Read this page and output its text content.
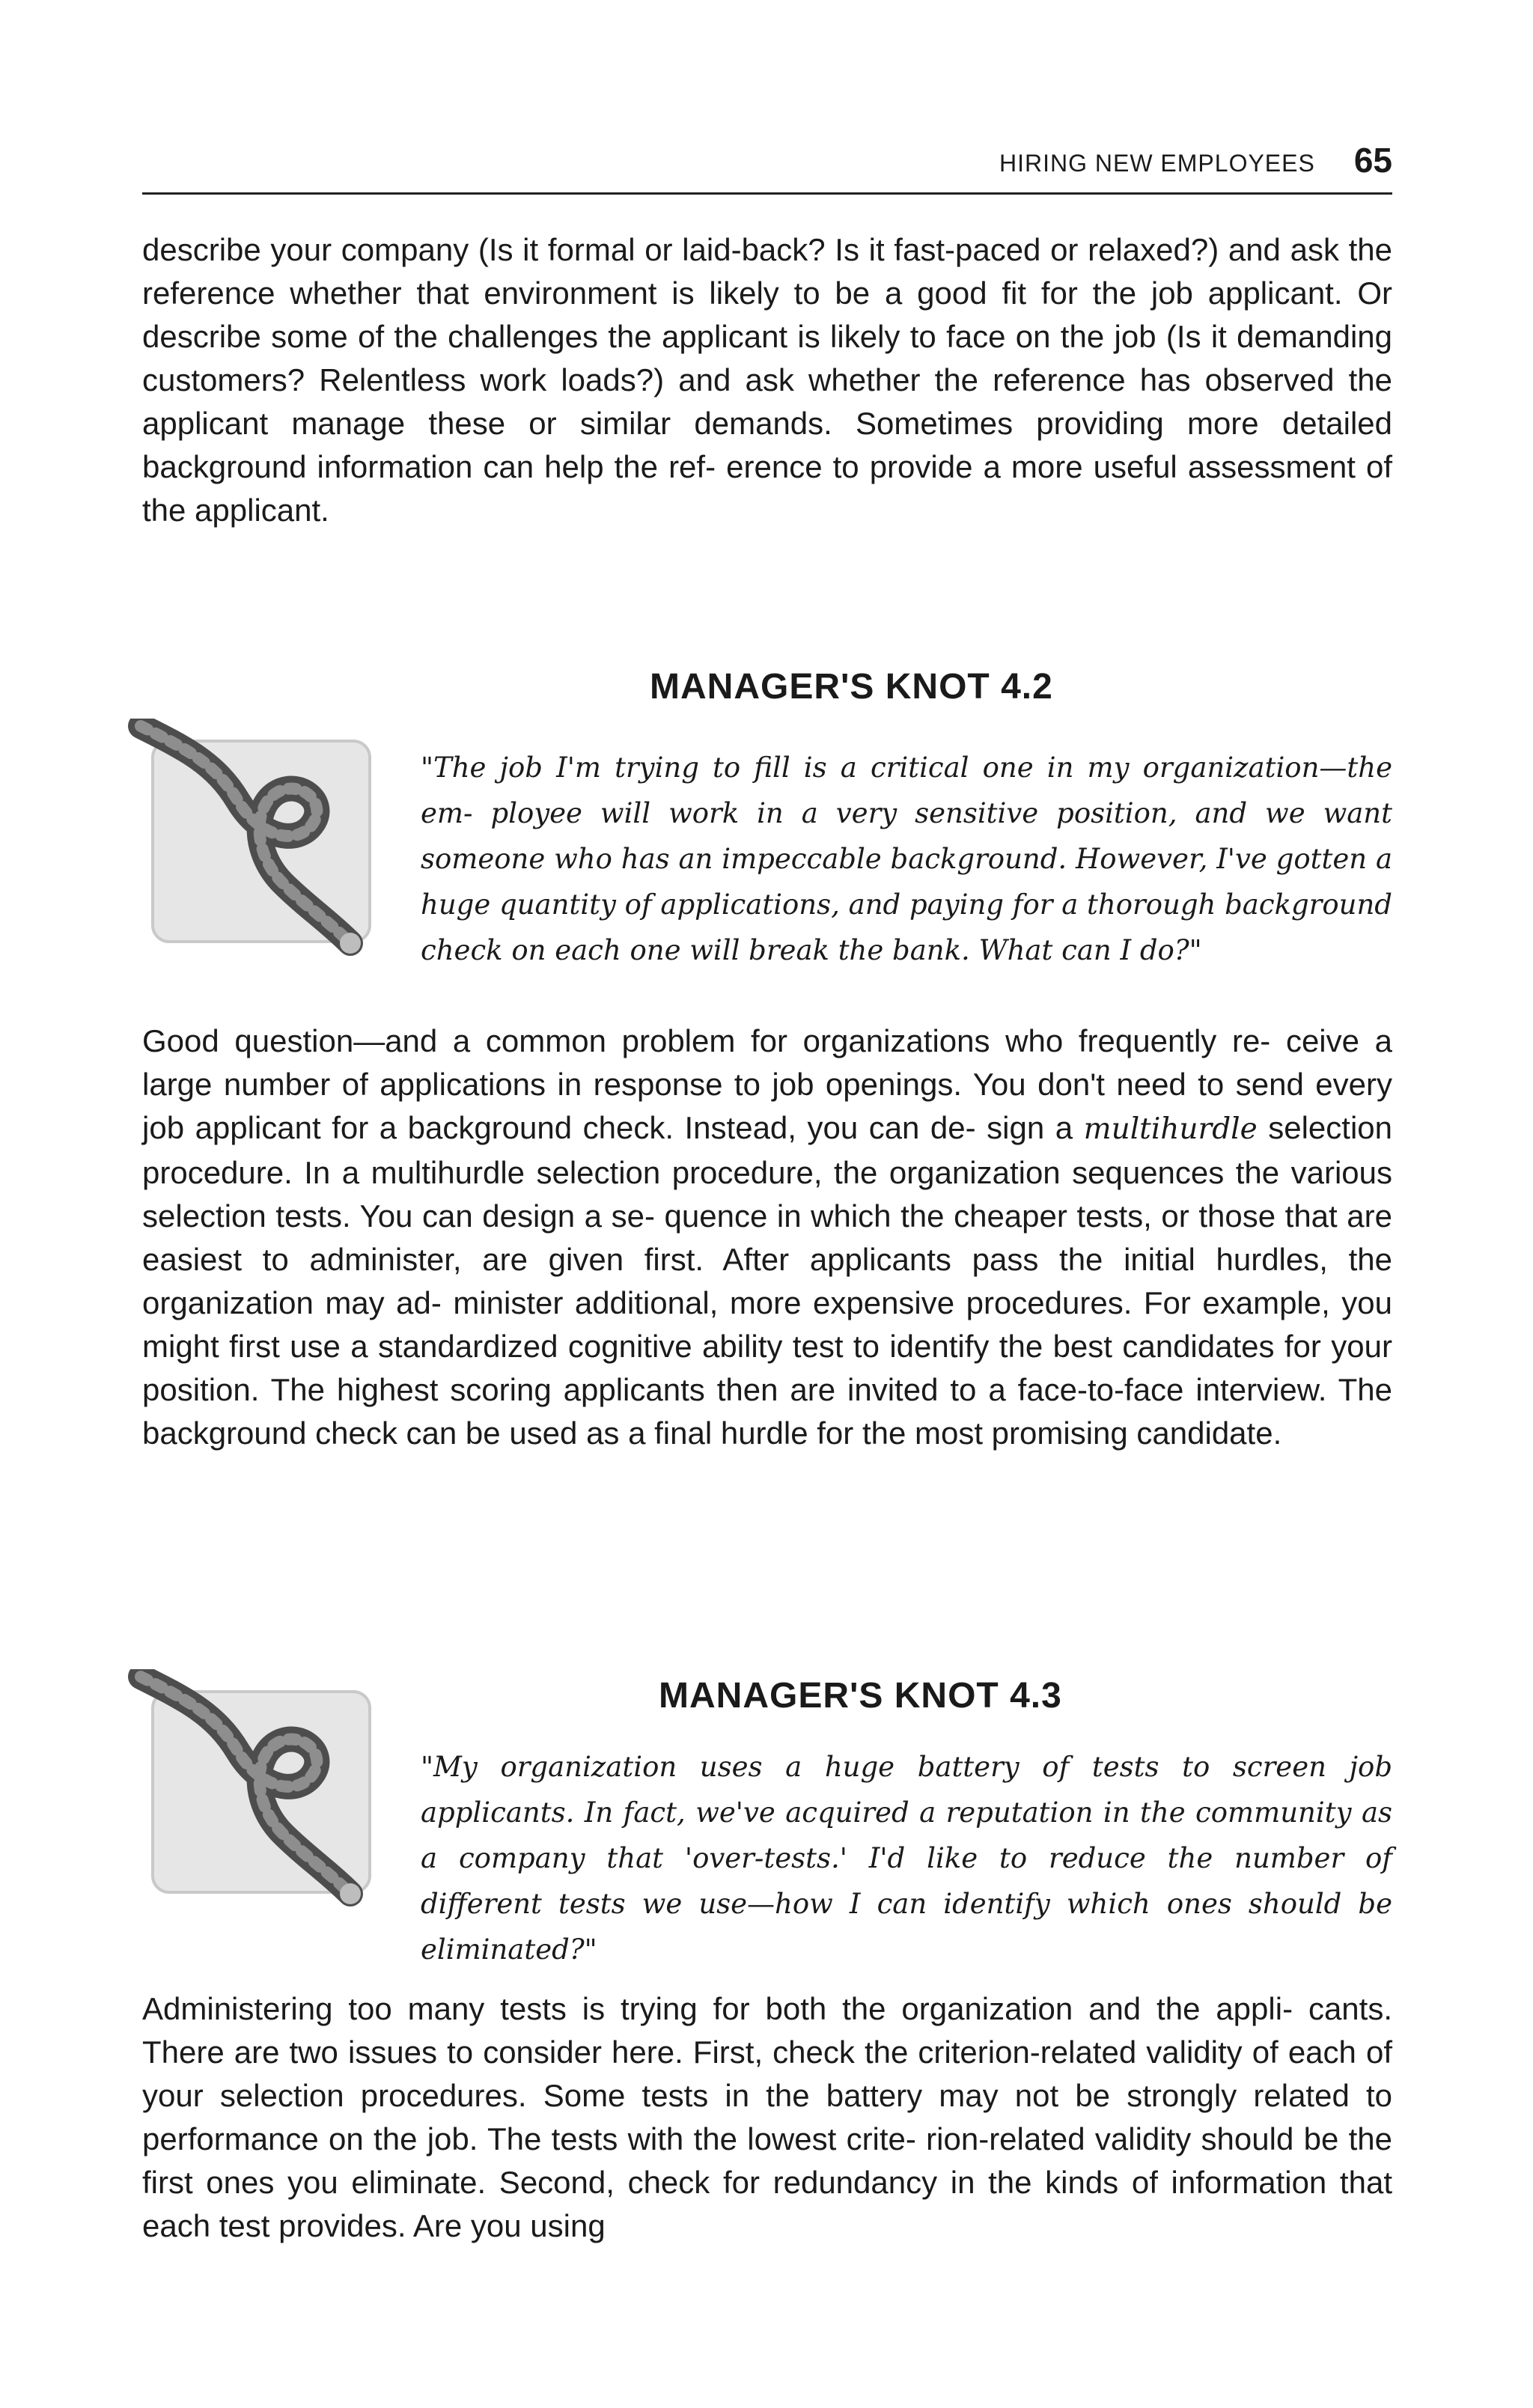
HIRING NEW EMPLOYEES 65

describe your company (Is it formal or laid-back? Is it fast-paced or relaxed?) and ask the reference whether that environment is likely to be a good fit for the job applicant. Or describe some of the challenges the applicant is likely to face on the job (Is it demanding customers? Relentless work loads?) and ask whether the reference has observed the applicant manage these or similar demands. Sometimes providing more detailed background information can help the ref- erence to provide a more useful assessment of the applicant.

MANAGER'S KNOT 4.2

"The job I'm trying to fill is a critical one in my organization—the em- ployee will work in a very sensitive position, and we want someone who has an impeccable background. However, I've gotten a huge quantity of applications, and paying for a thorough background check on each one will break the bank. What can I do?"

Good question—and a common problem for organizations who frequently re- ceive a large number of applications in response to job openings. You don't need to send every job applicant for a background check. Instead, you can de- sign a multihurdle selection procedure. In a multihurdle selection procedure, the organization sequences the various selection tests. You can design a se- quence in which the cheaper tests, or those that are easiest to administer, are given first. After applicants pass the initial hurdles, the organization may ad- minister additional, more expensive procedures. For example, you might first use a standardized cognitive ability test to identify the best candidates for your position. The highest scoring applicants then are invited to a face-to-face interview. The background check can be used as a final hurdle for the most promising candidate.

MANAGER'S KNOT 4.3

"My organization uses a huge battery of tests to screen job applicants. In fact, we've acquired a reputation in the community as a company that 'over-tests.' I'd like to reduce the number of different tests we use—how I can identify which ones should be eliminated?"

Administering too many tests is trying for both the organization and the appli- cants. There are two issues to consider here. First, check the criterion-related validity of each of your selection procedures. Some tests in the battery may not be strongly related to performance on the job. The tests with the lowest crite- rion-related validity should be the first ones you eliminate. Second, check for redundancy in the kinds of information that each test provides. Are you using
